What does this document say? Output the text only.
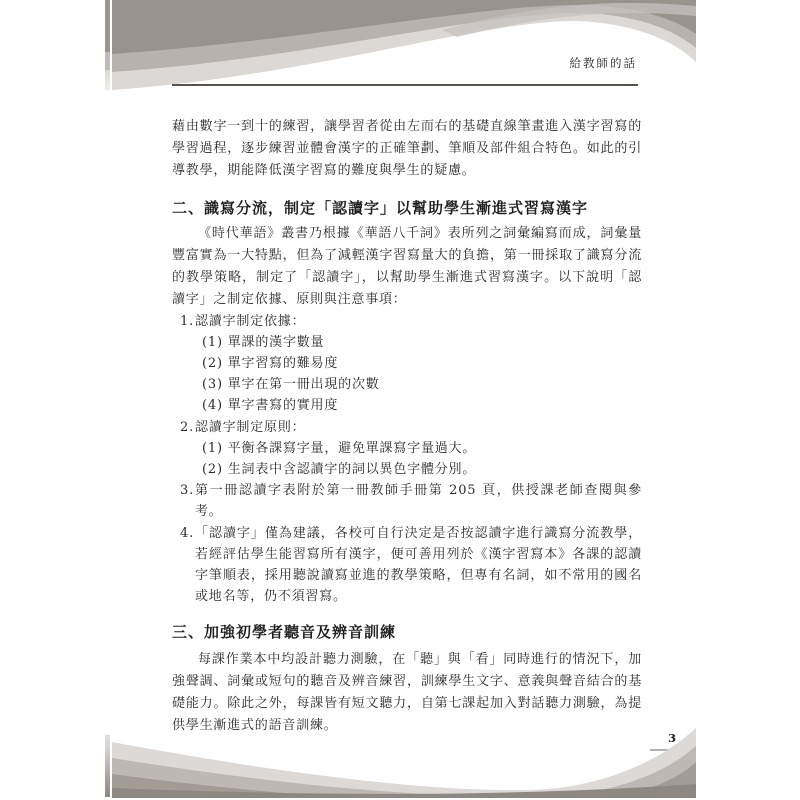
給教師的話

藉由數字一到十的練習，讓學習者從由左而右的基礎直線筆畫進入漢字習寫的學習過程，逐步練習並體會漢字的正確筆劃、筆順及部件組合特色。如此的引導教學，期能降低漢字習寫的難度與學生的疑慮。

二、識寫分流，制定「認讀字」以幫助學生漸進式習寫漢字

《時代華語》叢書乃根據《華語八千詞》表所列之詞彙編寫而成，詞彙量豐富實為一大特點，但為了減輕漢字習寫量大的負擔，第一冊採取了識寫分流的教學策略，制定了「認讀字」，以幫助學生漸進式習寫漢字。以下說明「認讀字」之制定依據、原則與注意事項：

1. 認讀字制定依據：
(1) 單課的漢字數量
(2) 單字習寫的難易度
(3) 單字在第一冊出現的次數
(4) 單字書寫的實用度
2. 認讀字制定原則：
(1) 平衡各課寫字量，避免單課寫字量過大。
(2) 生詞表中含認讀字的詞以異色字體分別。
3. 第一冊認讀字表附於第一冊教師手冊第 205 頁，供授課老師查閱與參考。
4. 「認讀字」僅為建議，各校可自行決定是否按認讀字進行識寫分流教學，若經評估學生能習寫所有漢字，便可善用列於《漢字習寫本》各課的認讀字筆順表，採用聽說讀寫並進的教學策略，但專有名詞，如不常用的國名或地名等，仍不須習寫。
三、加強初學者聽音及辨音訓練

每課作業本中均設計聽力測驗，在「聽」與「看」同時進行的情況下，加強聲調、詞彙或短句的聽音及辨音練習，訓練學生文字、意義與聲音結合的基礎能力。除此之外，每課皆有短文聽力，自第七課起加入對話聽力測驗，為提供學生漸進式的語音訓練。

3
